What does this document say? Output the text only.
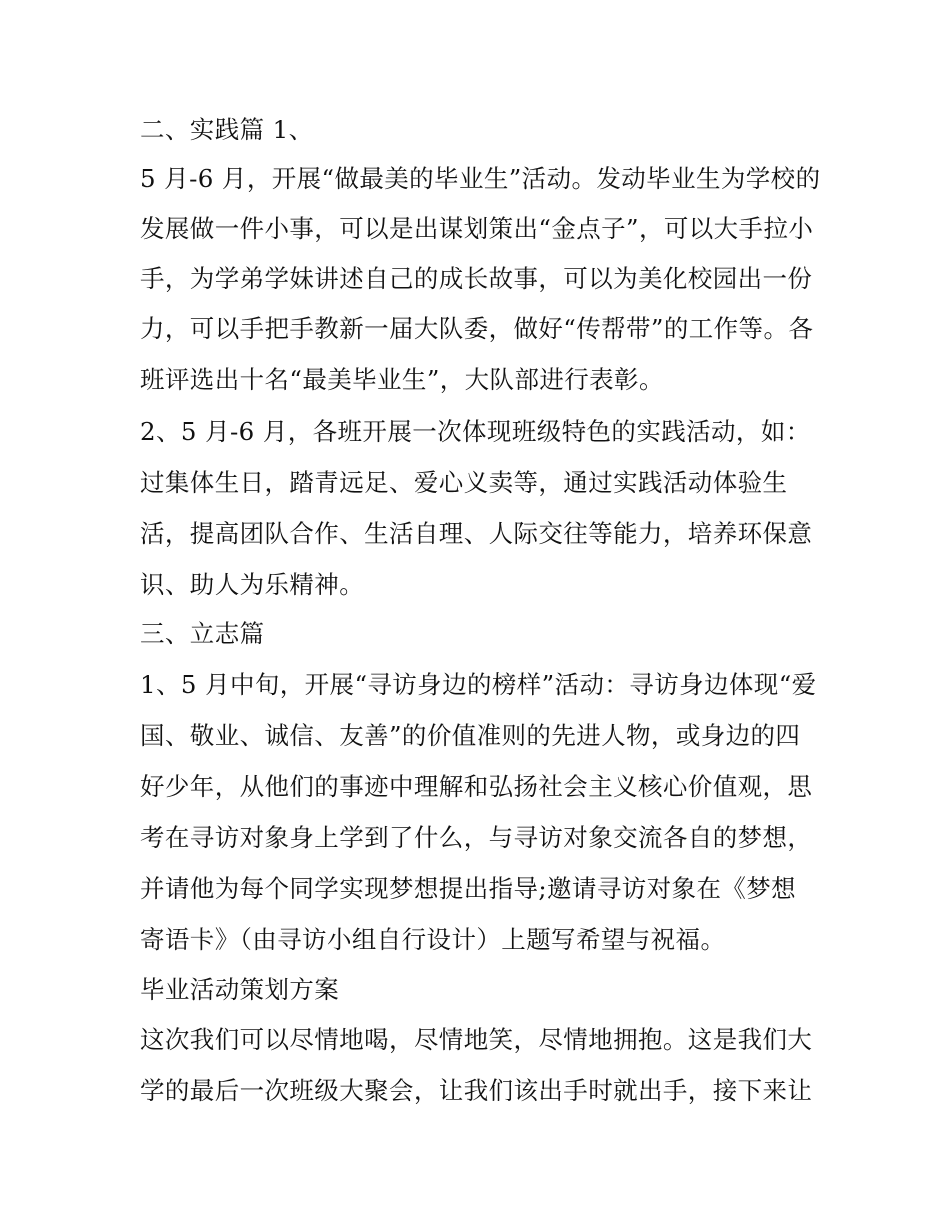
二、实践篇 1、
5 月-6 月，开展“做最美的毕业生”活动。发动毕业生为学校的
发展做一件小事，可以是出谋划策出“金点子”，可以大手拉小
手，为学弟学妹讲述自己的成长故事，可以为美化校园出一份
力，可以手把手教新一届大队委，做好“传帮带”的工作等。各
班评选出十名“最美毕业生”，大队部进行表彰。
2、5 月-6 月，各班开展一次体现班级特色的实践活动，如：
过集体生日，踏青远足、爱心义卖等，通过实践活动体验生
活，提高团队合作、生活自理、人际交往等能力，培养环保意
识、助人为乐精神。
三、立志篇
1、5 月中旬，开展“寻访身边的榜样”活动：寻访身边体现“爱
国、敬业、诚信、友善”的价值准则的先进人物，或身边的四
好少年，从他们的事迹中理解和弘扬社会主义核心价值观，思
考在寻访对象身上学到了什么，与寻访对象交流各自的梦想，
并请他为每个同学实现梦想提出指导;邀请寻访对象在《梦想
寄语卡》（由寻访小组自行设计）上题写希望与祝福。
毕业活动策划方案
这次我们可以尽情地喝，尽情地笑，尽情地拥抱。这是我们大
学的最后一次班级大聚会，让我们该出手时就出手，接下来让
